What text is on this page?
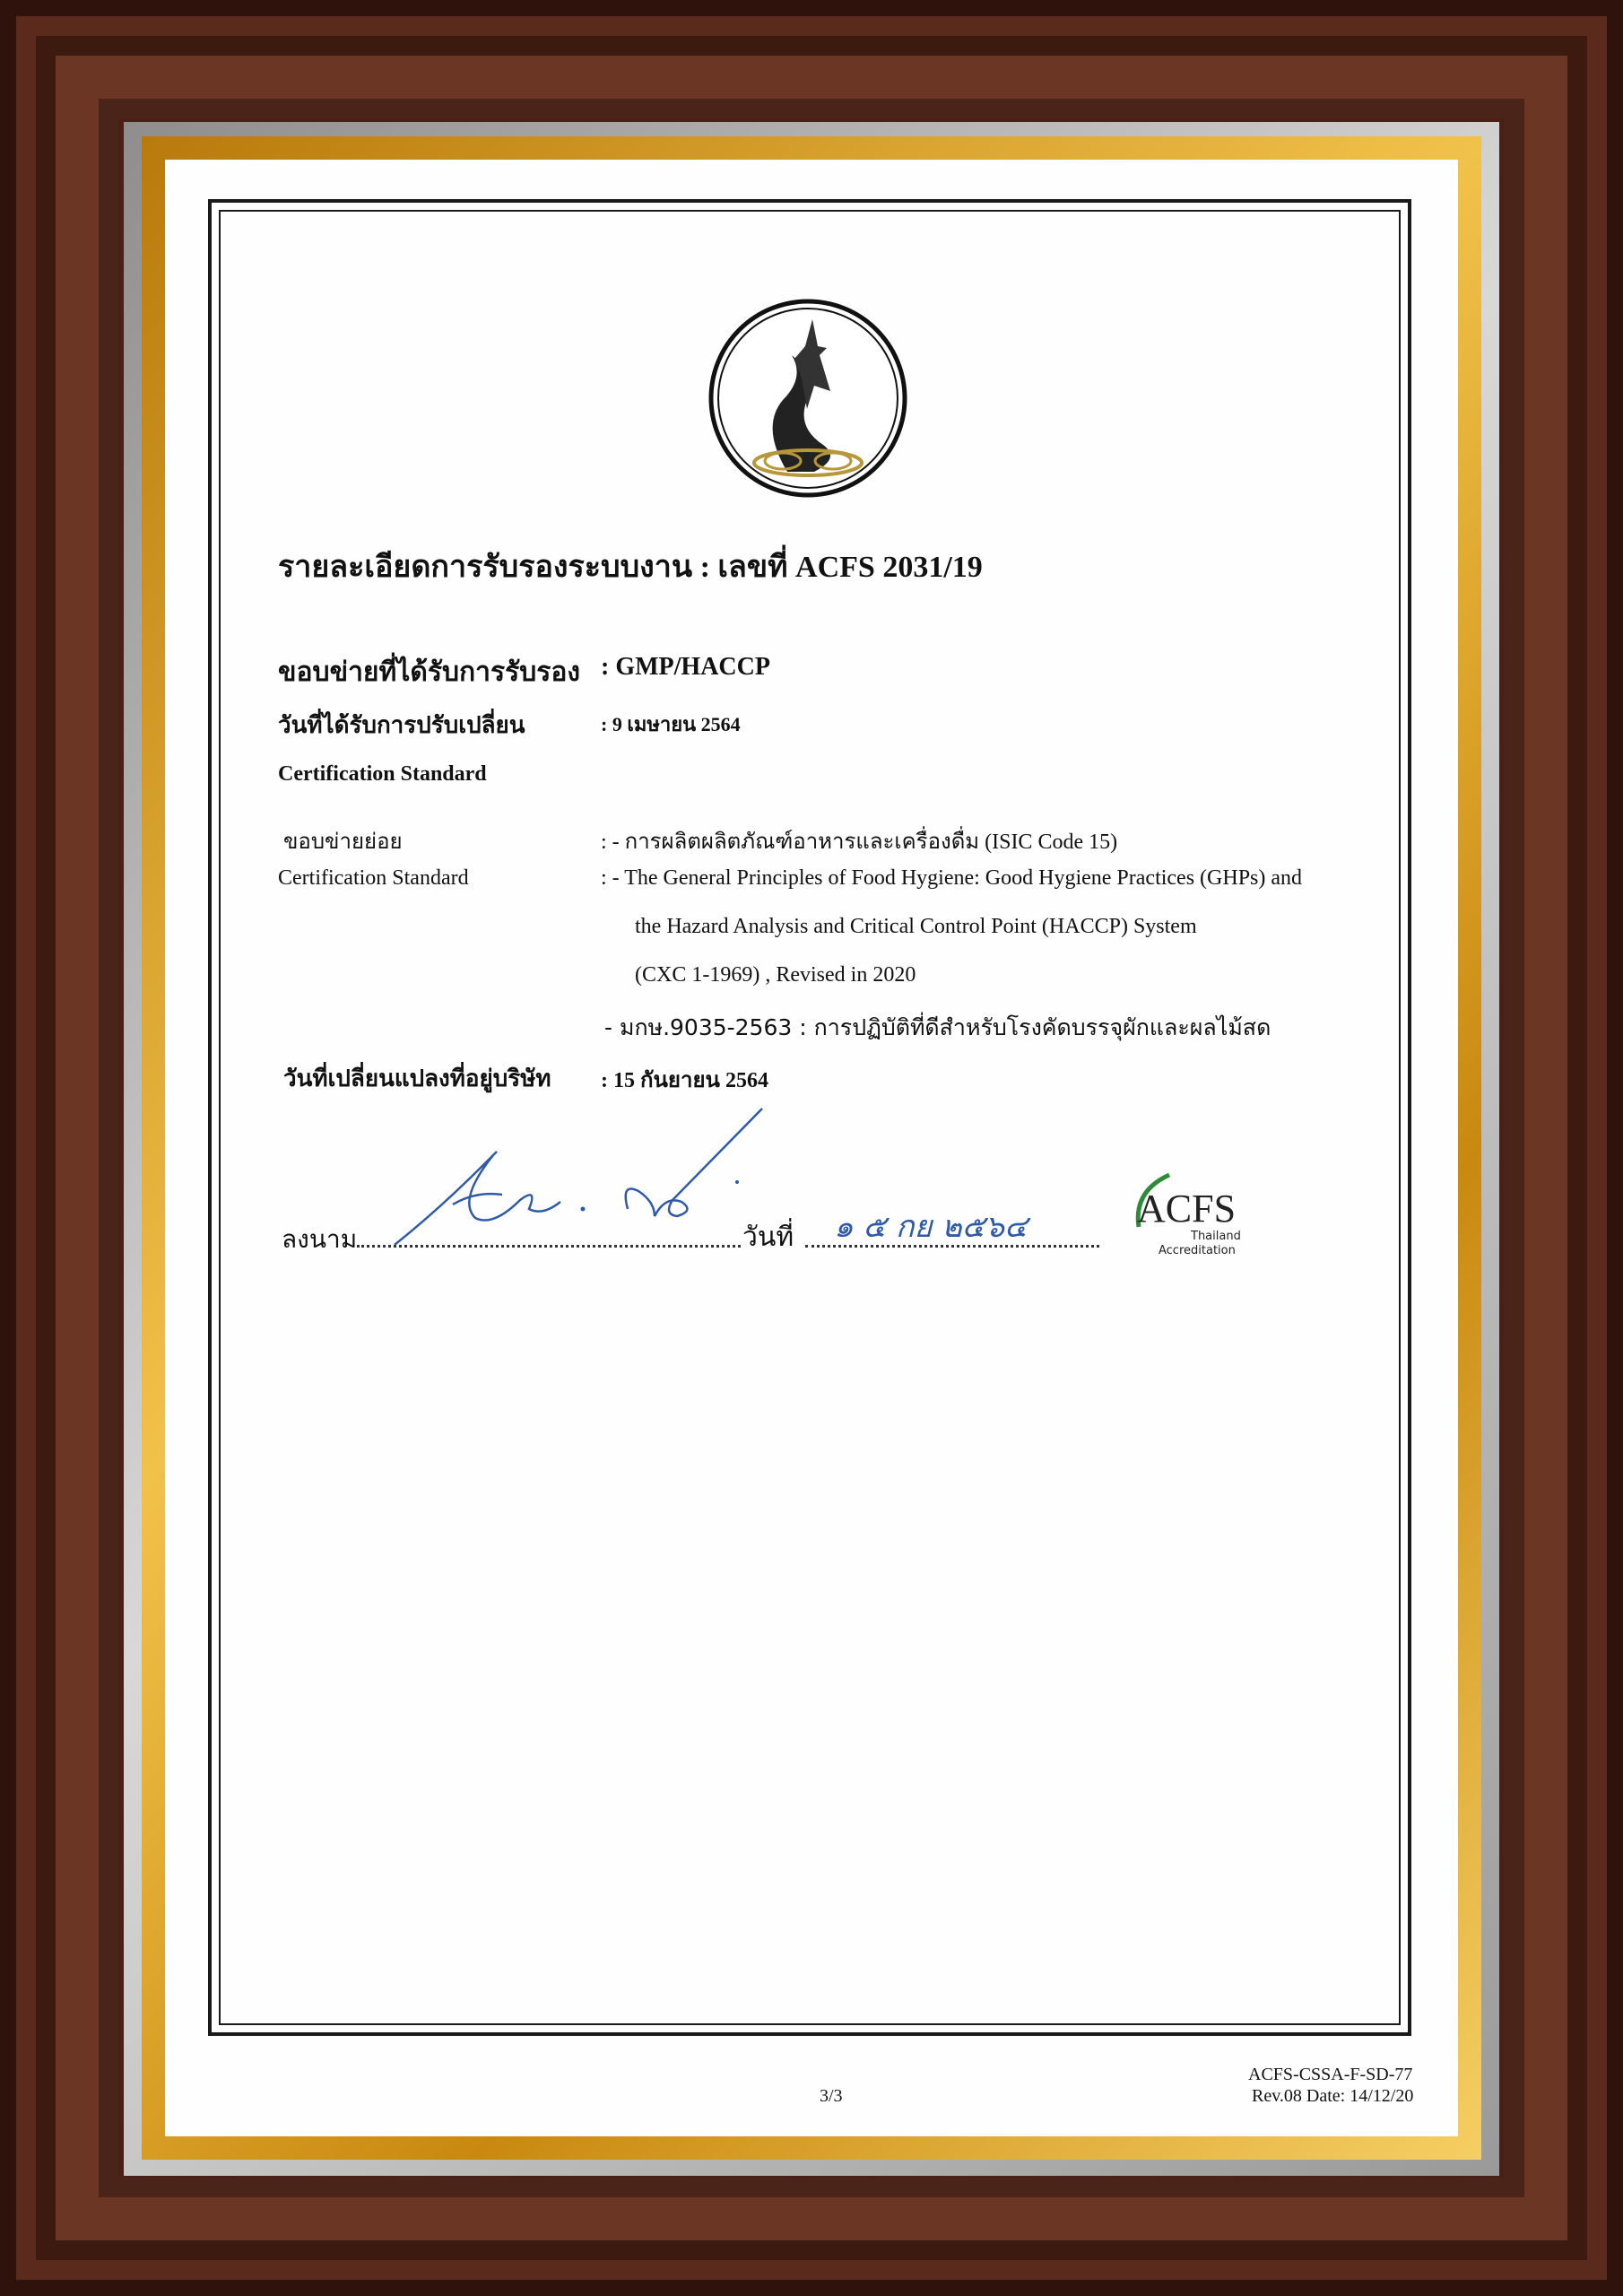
รายละเอียดการรับรองระบบงาน : เลขที่ ACFS 2031/19
ขอบข่ายที่ได้รับการรับรอง : GMP/HACCP
วันที่ได้รับการปรับเปลี่ยน	: 9 เมษายน 2564
Certification Standard
ขอบข่ายย่อย	: - การผลิตผลิตภัณฑ์อาหารและเครื่องดื่ม (ISIC Code 15)
Certification Standard	: - The General Principles of Food Hygiene: Good Hygiene Practices (GHPs) and
the Hazard Analysis and Critical Control Point (HACCP) System
(CXC 1-1969) , Revised in 2020
- มกษ.9035-2563 : การปฏิบัติที่ดีสำหรับโรงคัดบรรจุผักและผลไม้สด
วันที่เปลี่ยนแปลงที่อยู่บริษัท : 15 กันยายน 2564
ลงนาม	วันที่ ๑ ๕ กย ๒๕๖๔	ACFS
Thailand
Accreditation
3/3
ACFS-CSSA-F-SD-77
Rev.08 Date: 14/12/20
